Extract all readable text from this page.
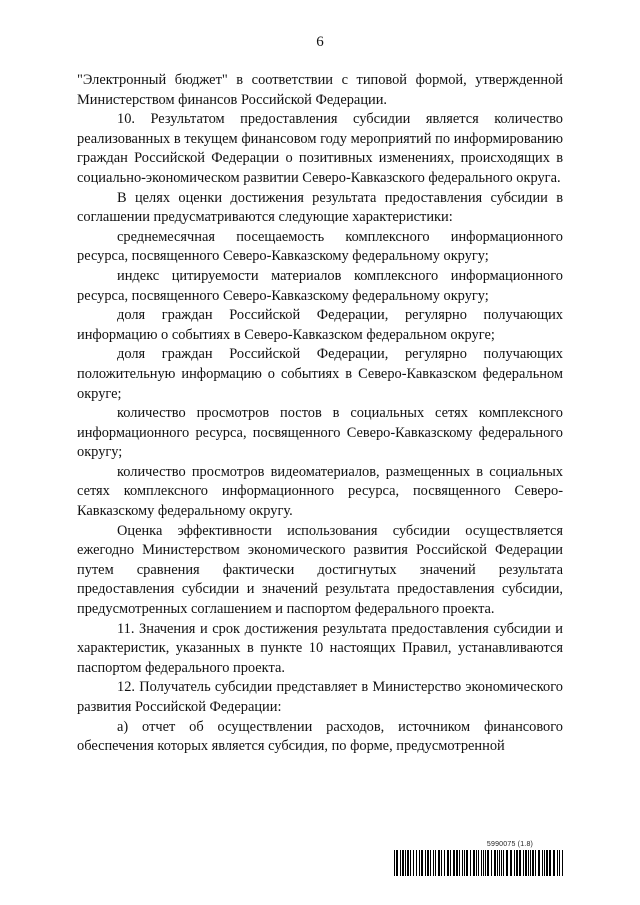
6

"Электронный бюджет" в соответствии с типовой формой, утвержденной Министерством финансов Российской Федерации.

10. Результатом предоставления субсидии является количество реализованных в текущем финансовом году мероприятий по информированию граждан Российской Федерации о позитивных изменениях, происходящих в социально-экономическом развитии Северо-Кавказского федерального округа.

В целях оценки достижения результата предоставления субсидии в соглашении предусматриваются следующие характеристики:

среднемесячная посещаемость комплексного информационного ресурса, посвященного Северо-Кавказскому федеральному округу;

индекс цитируемости материалов комплексного информационного ресурса, посвященного Северо-Кавказскому федеральному округу;

доля граждан Российской Федерации, регулярно получающих информацию о событиях в Северо-Кавказском федеральном округе;

доля граждан Российской Федерации, регулярно получающих положительную информацию о событиях в Северо-Кавказском федеральном округе;

количество просмотров постов в социальных сетях комплексного информационного ресурса, посвященного Северо-Кавказскому федерального округу;

количество просмотров видеоматериалов, размещенных в социальных сетях комплексного информационного ресурса, посвященного Северо-Кавказскому федеральному округу.

Оценка эффективности использования субсидии осуществляется ежегодно Министерством экономического развития Российской Федерации путем сравнения фактически достигнутых значений результата предоставления субсидии и значений результата предоставления субсидии, предусмотренных соглашением и паспортом федерального проекта.

11. Значения и срок достижения результата предоставления субсидии и характеристик, указанных в пункте 10 настоящих Правил, устанавливаются паспортом федерального проекта.

12. Получатель субсидии представляет в Министерство экономического развития Российской Федерации:

а) отчет об осуществлении расходов, источником финансового обеспечения которых является субсидия, по форме, предусмотренной

5990075 (1.8)
